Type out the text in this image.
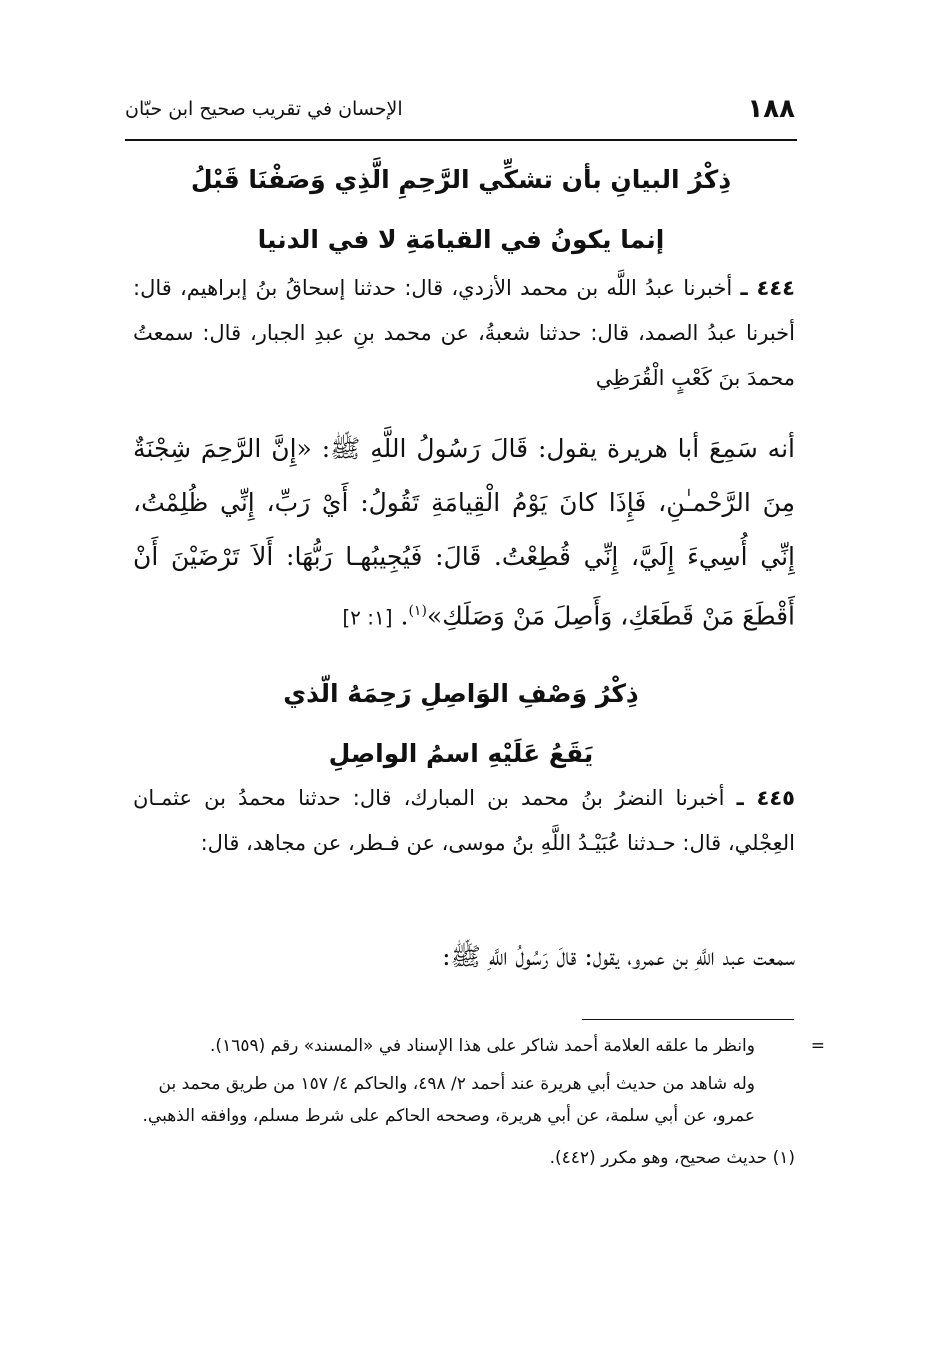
١٨٨
الإحسان في تقريب صحيح ابن حبّان
ذِكْرُ البيانِ بأن تشكِّي الرَّحِمِ الَّذِي وَصَفْنَا قَبْلُ
إنما يكونُ في القيامَةِ لا في الدنيا
٤٤٤ ـ أخبرنا عبدُ اللَّه بن محمد الأزدي، قال: حدثنا إسحاقُ بنُ إبراهيم، قال: أخبرنا عبدُ الصمد، قال: حدثنا شعبةُ، عن محمد بنِ عبدِ الجبار، قال: سمعتُ محمدَ بنَ كَعْبٍ الْقُرَظِي
أنه سَمِعَ أبا هريرة يقول: قَالَ رَسُولُ اللَّهِ ﷺ: «إِنَّ الرَّحِمَ شِجْنَةٌ مِنَ الرَّحْمـٰنِ، فَإِذَا كانَ يَوْمُ الْقِيامَةِ تَقُولُ: أَيْ رَبِّ، إِنِّي ظُلِمْتُ، إِنِّي أُسِيءَ إِلَيَّ، إِنِّي قُطِعْتُ. قَالَ: فَيُجِيبُهـا رَبُّهَا: أَلاَ تَرْضَيْنَ أَنْ أَقْطَعَ مَنْ قَطَعَكِ، وَأَصِلَ مَنْ وَصَلَكِ»$^{(١)}$. [١: ٢]
ذِكْرُ وَصْفِ الوَاصِلِ رَحِمَهُ الّذي
يَقَعُ عَلَيْهِ اسمُ الواصِلِ
٤٤٥ ـ أخبرنا النضرُ بنُ محمد بن المبارك، قال: حدثنا محمدُ بن عثمـان العِجْلي، قال: حـدثنا عُبَيْـدُ اللَّهِ بنُ موسى، عن فـطر، عن مجاهد، قال:
سمعت عبد اللَّهِ بن عمرو، يقول: قالَ رَسُولُ اللَّهِ ﷺ:
=
وانظر ما علقه العلامة أحمد شاكر على هذا الإسناد في «المسند» رقم (١٦٥٩).
وله شاهد من حديث أبي هريرة عند أحمد ٢/ ٤٩٨، والحاكم ٤/ ١٥٧ من طريق محمد بن عمرو، عن أبي سلمة، عن أبي هريرة، وصححه الحاكم على شرط مسلم، ووافقه الذهبي.
(١) حديث صحيح، وهو مكرر (٤٤٢).
